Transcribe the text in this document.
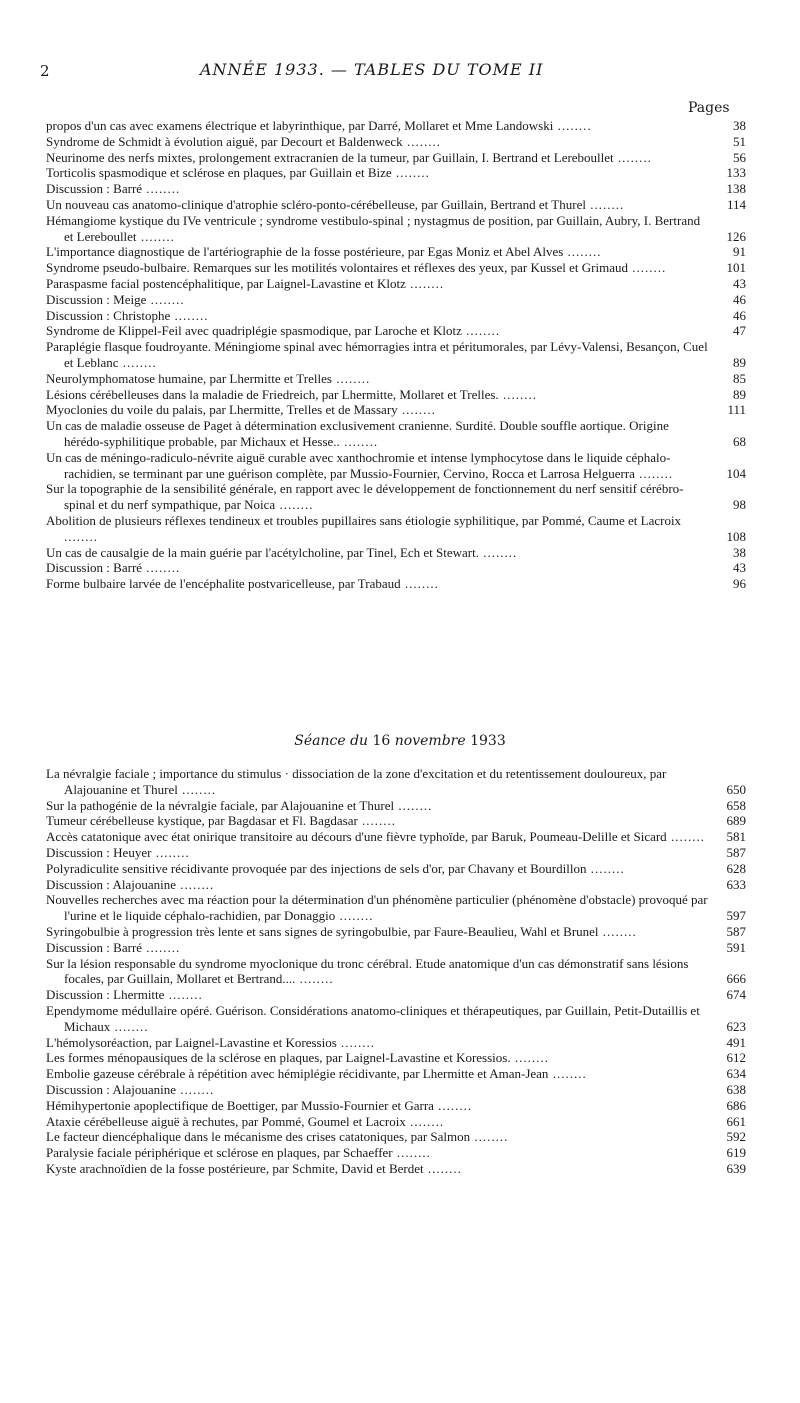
2	ANNÉE 1933. — TABLES DU TOME II
Pages
propos d'un cas avec examens électrique et labyrinthique, par Darré, Mollaret et Mme Landowski ........	38
Syndrome de Schmidt à évolution aiguë, par Decourt et Baldenweck ........	51
Neurinome des nerfs mixtes, prolongement extracranien de la tumeur, par Guillain, I. Bertrand et Lereboullet ........	56
Torticolis spasmodique et sclérose en plaques, par Guillain et Bize ........	133
Discussion : Barré ........	138
Un nouveau cas anatomo-clinique d'atrophie scléro-ponto-cérébelleuse, par Guillain, Bertrand et Thurel ........	114
Hémangiome kystique du IVe ventricule ; syndrome vestibulo-spinal ; nystagmus de position, par Guillain, Aubry, I. Bertrand et Lereboullet ........	126
L'importance diagnostique de l'artériographie de la fosse postérieure, par Egas Moniz et Abel Alves ........	91
Syndrome pseudo-bulbaire. Remarques sur les motilités volontaires et réflexes des yeux, par Kussel et Grimaud ........	101
Paraspasme facial postencéphalitique, par Laignel-Lavastine et Klotz ........	43
Discussion : Meige ........	46
Discussion : Christophe ........	46
Syndrome de Klippel-Feil avec quadriplégie spasmodique, par Laroche et Klotz ........	47
Paraplégie flasque foudroyante. Méningiome spinal avec hémorragies intra et péritumorales, par Lévy-Valensi, Besançon, Cuel et Leblanc ........	89
Neurolymphomatose humaine, par Lhermitte et Trelles ........	85
Lésions cérébelleuses dans la maladie de Friedreich, par Lhermitte, Mollaret et Trelles. ........	89
Myoclonies du voile du palais, par Lhermitte, Trelles et de Massary ........	111
Un cas de maladie osseuse de Paget à détermination exclusivement cranienne. Surdité. Double souffle aortique. Origine hérédo-syphilitique probable, par Michaux et Hesse.. ........	68
Un cas de méningo-radiculo-névrite aiguë curable avec xanthochromie et intense lymphocytose dans le liquide céphalo-rachidien, se terminant par une guérison complète, par Mussio-Fournier, Cervino, Rocca et Larrosa Helguerra ........	104
Sur la topographie de la sensibilité générale, en rapport avec le développement de fonctionnement du nerf sensitif cérébro-spinal et du nerf sympathique, par Noica ........	98
Abolition de plusieurs réflexes tendineux et troubles pupillaires sans étiologie syphilitique, par Pommé, Caume et Lacroix ........	108
Un cas de causalgie de la main guérie par l'acétylcholine, par Tinel, Ech et Stewart. ........	38
Discussion : Barré ........	43
Forme bulbaire larvée de l'encéphalite postvaricelleuse, par Trabaud ........	96
Séance du 16 novembre 1933
La névralgie faciale ; importance du stimulus · dissociation de la zone d'excitation et du retentissement douloureux, par Alajouanine et Thurel ........	650
Sur la pathogénie de la névralgie faciale, par Alajouanine et Thurel ........	658
Tumeur cérébelleuse kystique, par Bagdasar et Fl. Bagdasar ........	689
Accès catatonique avec état onirique transitoire au décours d'une fièvre typhoïde, par Baruk, Poumeau-Delille et Sicard ........	581
Discussion : Heuyer ........	587
Polyradiculite sensitive récidivante provoquée par des injections de sels d'or, par Chavany et Bourdillon ........	628
Discussion : Alajouanine ........	633
Nouvelles recherches avec ma réaction pour la détermination d'un phénomène particulier (phénomène d'obstacle) provoqué par l'urine et le liquide céphalo-rachidien, par Donaggio ........	597
Syringobulbie à progression très lente et sans signes de syringobulbie, par Faure-Beaulieu, Wahl et Brunel ........	587
Discussion : Barré ........	591
Sur la lésion responsable du syndrome myoclonique du tronc cérébral. Etude anatomique d'un cas démonstratif sans lésions focales, par Guillain, Mollaret et Bertrand.... ........	666
Discussion : Lhermitte ........	674
Ependymome médullaire opéré. Guérison. Considérations anatomo-cliniques et thérapeutiques, par Guillain, Petit-Dutaillis et Michaux ........	623
L'hémolysoréaction, par Laignel-Lavastine et Koressios ........	491
Les formes ménopausiques de la sclérose en plaques, par Laignel-Lavastine et Koressios. ........	612
Embolie gazeuse cérébrale à répétition avec hémiplégie récidivante, par Lhermitte et Aman-Jean ........	634
Discussion : Alajouanine ........	638
Hémihypertonie apoplectifique de Boettiger, par Mussio-Fournier et Garra ........	686
Ataxie cérébelleuse aiguë à rechutes, par Pommé, Goumel et Lacroix ........	661
Le facteur diencéphalique dans le mécanisme des crises catatoniques, par Salmon ........	592
Paralysie faciale périphérique et sclérose en plaques, par Schaeffer ........	619
Kyste arachnoïdien de la fosse postérieure, par Schmite, David et Berdet ........	639
